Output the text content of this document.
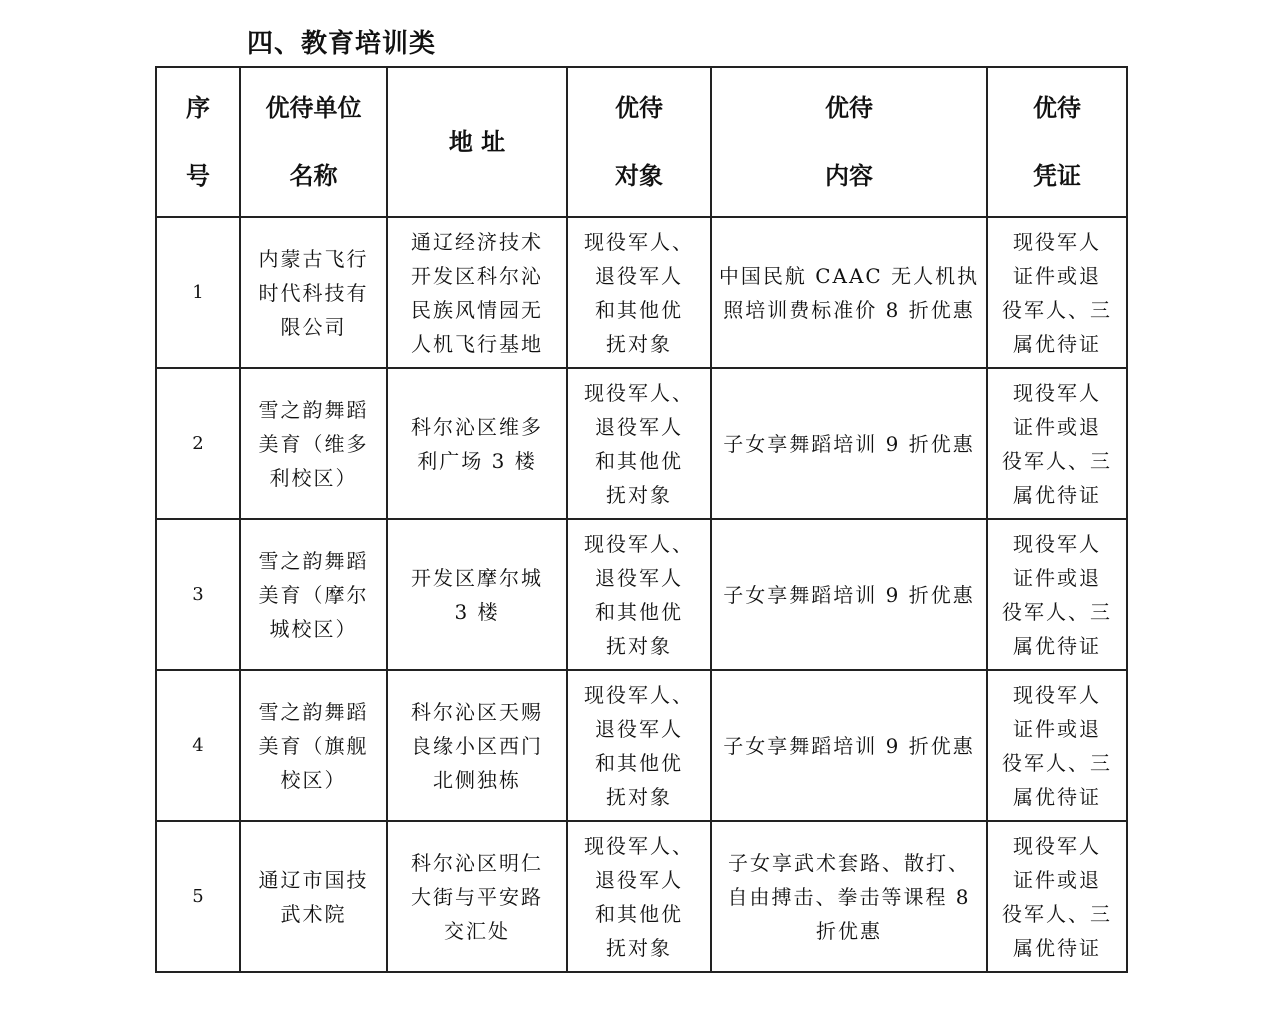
四、教育培训类
序
号	优待单位
名称	地 址	优待
对象	优待
内容	优待
凭证
1	内蒙古飞行
时代科技有
限公司	通辽经济技术
开发区科尔沁
民族风情园无
人机飞行基地	现役军人、
退役军人
和其他优
抚对象	中国民航 CAAC 无人机执
照培训费标准价 8 折优惠	现役军人
证件或退
役军人、三
属优待证
2	雪之韵舞蹈
美育（维多
利校区）	科尔沁区维多
利广场 3 楼	现役军人、
退役军人
和其他优
抚对象	子女享舞蹈培训 9 折优惠	现役军人
证件或退
役军人、三
属优待证
3	雪之韵舞蹈
美育（摩尔
城校区）	开发区摩尔城
3 楼	现役军人、
退役军人
和其他优
抚对象	子女享舞蹈培训 9 折优惠	现役军人
证件或退
役军人、三
属优待证
4	雪之韵舞蹈
美育（旗舰
校区）	科尔沁区天赐
良缘小区西门
北侧独栋	现役军人、
退役军人
和其他优
抚对象	子女享舞蹈培训 9 折优惠	现役军人
证件或退
役军人、三
属优待证
5	通辽市国技
武术院	科尔沁区明仁
大街与平安路
交汇处	现役军人、
退役军人
和其他优
抚对象	子女享武术套路、散打、
自由搏击、拳击等课程 8
折优惠	现役军人
证件或退
役军人、三
属优待证
